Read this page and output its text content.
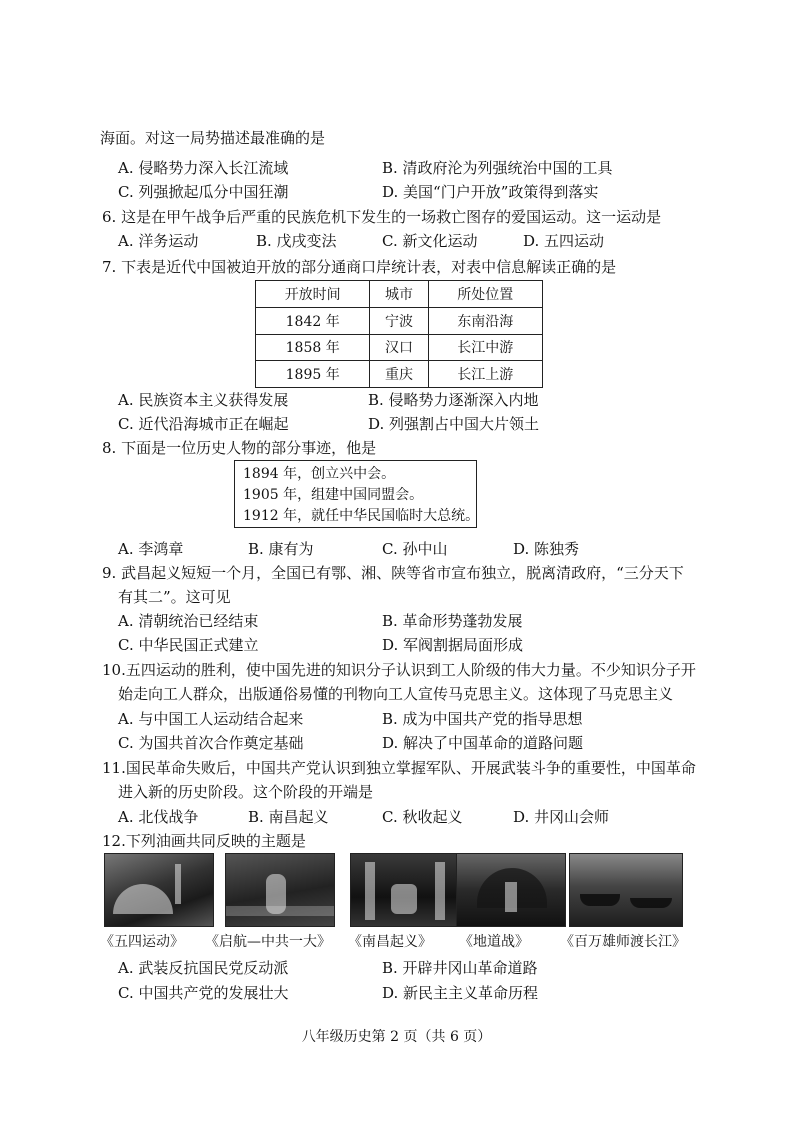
海面。对这一局势描述最准确的是
A. 侵略势力深入长江流域	B. 清政府沦为列强统治中国的工具
C. 列强掀起瓜分中国狂潮	D. 美国“门户开放”政策得到落实
6. 这是在甲午战争后严重的民族危机下发生的一场救亡图存的爱国运动。这一运动是
A. 洋务运动	B. 戊戌变法	C. 新文化运动	D. 五四运动
7. 下表是近代中国被迫开放的部分通商口岸统计表，对表中信息解读正确的是
开放时间	城市	所处位置
1842 年	宁波	东南沿海
1858 年	汉口	长江中游
1895 年	重庆	长江上游
A. 民族资本主义获得发展	B. 侵略势力逐渐深入内地
C. 近代沿海城市正在崛起	D. 列强割占中国大片领土
8. 下面是一位历史人物的部分事迹，他是
1894 年，创立兴中会。
1905 年，组建中国同盟会。
1912 年，就任中华民国临时大总统。
A. 李鸿章	B. 康有为	C. 孙中山	D. 陈独秀
9. 武昌起义短短一个月，全国已有鄂、湘、陕等省市宣布独立，脱离清政府，“三分天下
有其二”。这可见
A. 清朝统治已经结束	B. 革命形势蓬勃发展
C. 中华民国正式建立	D. 军阀割据局面形成
10.五四运动的胜利，使中国先进的知识分子认识到工人阶级的伟大力量。不少知识分子开
始走向工人群众，出版通俗易懂的刊物向工人宣传马克思主义。这体现了马克思主义
A. 与中国工人运动结合起来	B. 成为中国共产党的指导思想
C. 为国共首次合作奠定基础	D. 解决了中国革命的道路问题
11.国民革命失败后，中国共产党认识到独立掌握军队、开展武装斗争的重要性，中国革命
进入新的历史阶段。这个阶段的开端是
A. 北伐战争	B. 南昌起义	C. 秋收起义	D. 井冈山会师
12.下列油画共同反映的主题是
《五四运动》 《启航—中共一大》 《南昌起义》 《地道战》 《百万雄师渡长江》
A. 武装反抗国民党反动派	B. 开辟井冈山革命道路
C. 中国共产党的发展壮大	D. 新民主主义革命历程
八年级历史第 2 页（共 6 页）
